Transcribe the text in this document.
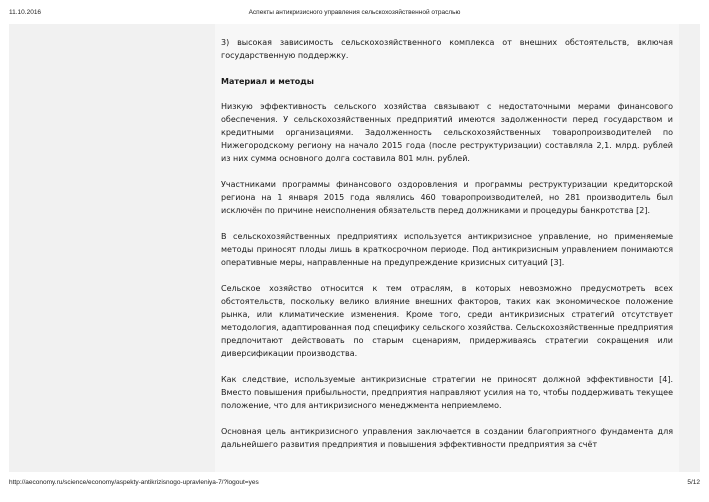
11.10.2016	Аспекты антикризисного управления сельскохозяйственной отраслью

3) высокая зависимость сельскохозяйственного комплекса от внешних обстоятельств, включая государственную поддержку.

Материал и методы

Низкую эффективность сельского хозяйства связывают с недостаточными мерами финансового обеспечения. У сельскохозяйственных предприятий имеются задолженности перед государством и кредитными организациями. Задолженность сельскохозяйственных товаропроизводителей по Нижегородскому региону на начало 2015 года (после реструктуризации) составляла 2,1. млрд. рублей из них сумма основного долга составила 801 млн. рублей.

Участниками программы финансового оздоровления и программы реструктуризации кредиторской региона на 1 января 2015 года являлись 460 товаропроизводителей, но 281 производитель был исключён по причине неисполнения обязательств перед должниками и процедуры банкротства [2].

В сельскохозяйственных предприятиях используется антикризисное управление, но применяемые методы приносят плоды лишь в краткосрочном периоде. Под антикризисным управлением понимаются оперативные меры, направленные на предупреждение кризисных ситуаций [3].

Сельское хозяйство относится к тем отраслям, в которых невозможно предусмотреть всех обстоятельств, поскольку велико влияние внешних факторов, таких как экономическое положение рынка, или климатические изменения. Кроме того, среди антикризисных стратегий отсутствует методология, адаптированная под специфику сельского хозяйства. Сельскохозяйственные предприятия предпочитают действовать по старым сценариям, придерживаясь стратегии сокращения или диверсификации производства.

Как следствие, используемые антикризисные стратегии не приносят должной эффективности [4]. Вместо повышения прибыльности, предприятия направляют усилия на то, чтобы поддерживать текущее положение, что для антикризисного менеджмента неприемлемо.

Основная цель антикризисного управления заключается в создании благоприятного фундамента для дальнейшего развития предприятия и повышения эффективности предприятия за счёт

http://aeconomy.ru/science/economy/aspekty-antikrizisnogo-upravleniya-7/?logout=yes	5/12
